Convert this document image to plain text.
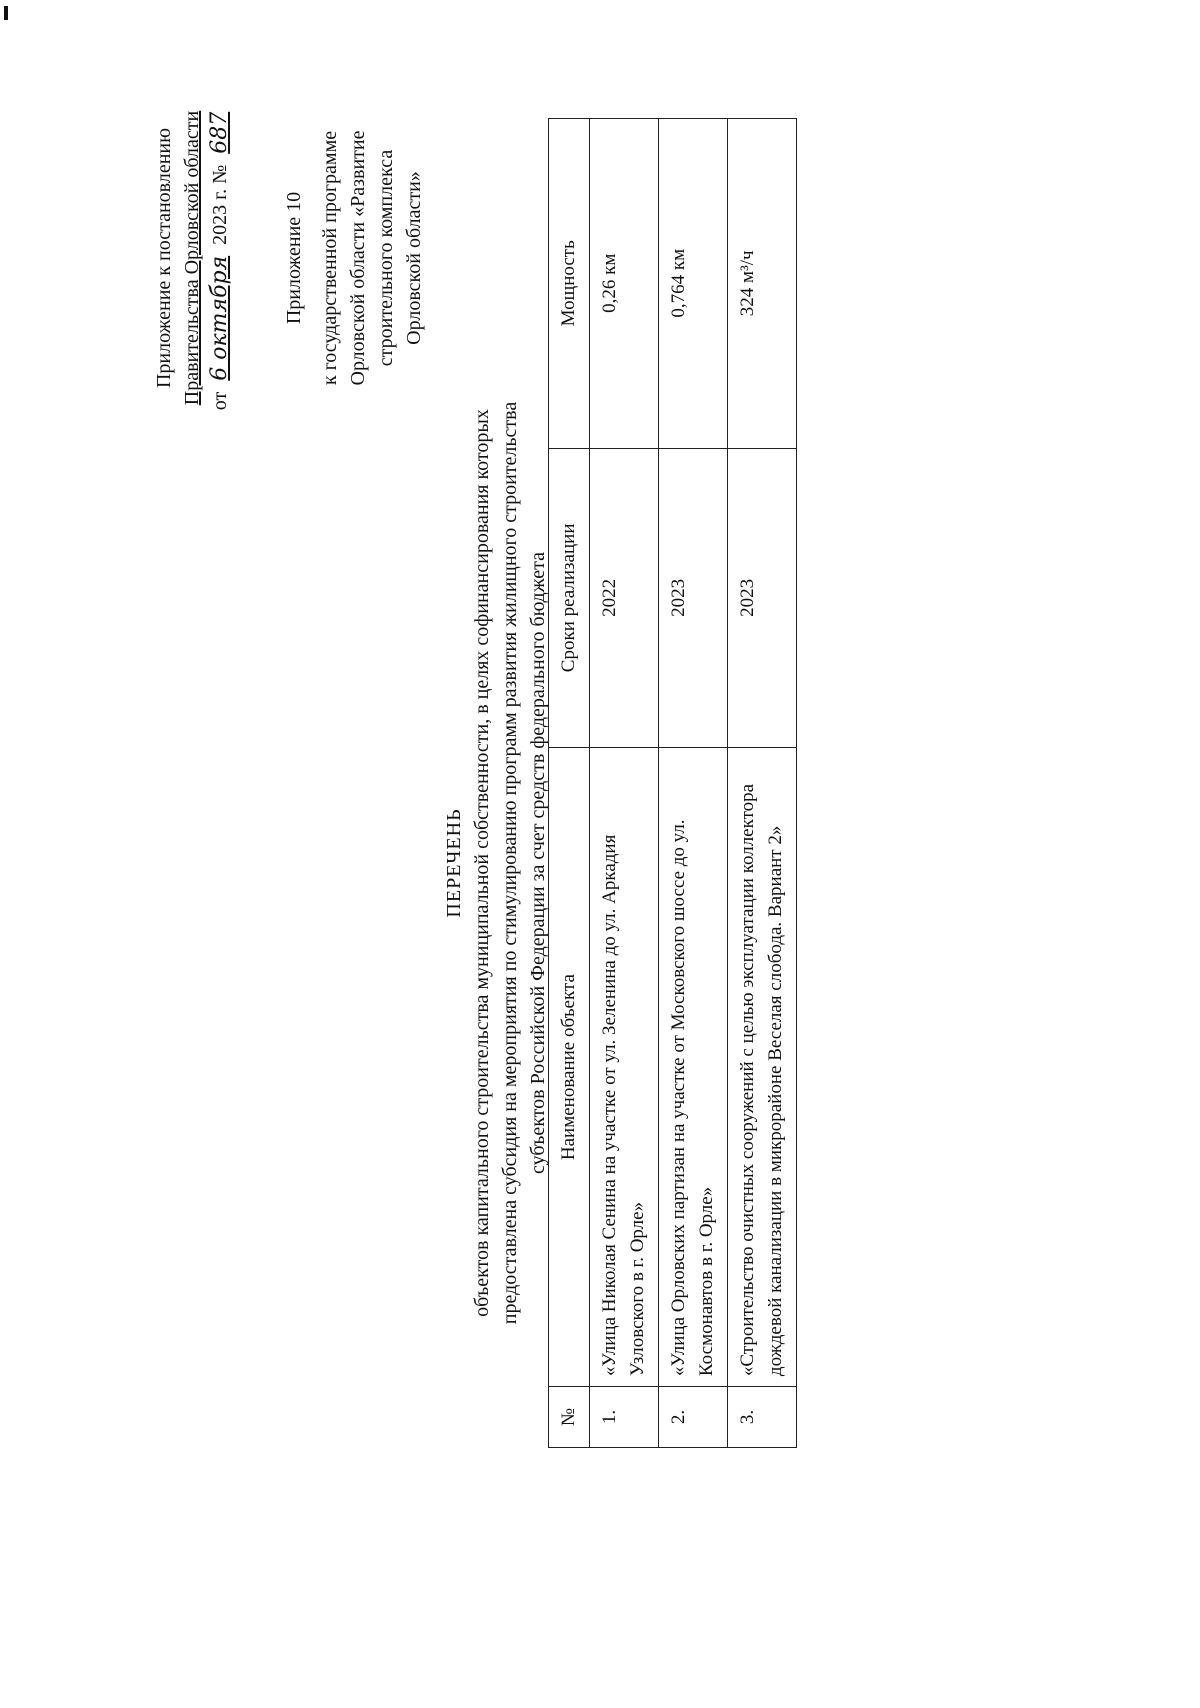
Приложение к постановлению Правительства Орловской области от 6 октября 2023 г. № 687
Приложение 10 к государственной программе Орловской области «Развитие строительного комплекса Орловской области»
ПЕРЕЧЕНЬ объектов капитального строительства муниципальной собственности, в целях софинансирования которых предоставлена субсидия на мероприятия по стимулированию программ развития жилищного строительства субъектов Российской Федерации за счет средств федерального бюджета
№	Наименование объекта	Сроки реализации	Мощность
1.	«Улица Николая Сенина на участке от ул. Зеленина до ул. Аркадия Узловского в г. Орле»	2022	0,26 км
2.	«Улица Орловских партизан на участке от Московского шоссе до ул. Космонавтов в г. Орле»	2023	0,764 км
3.	«Строительство очистных сооружений с целью эксплуатации коллектора дождевой канализации в микрорайоне Веселая слобода. Вариант 2»	2023	324 м³/ч
